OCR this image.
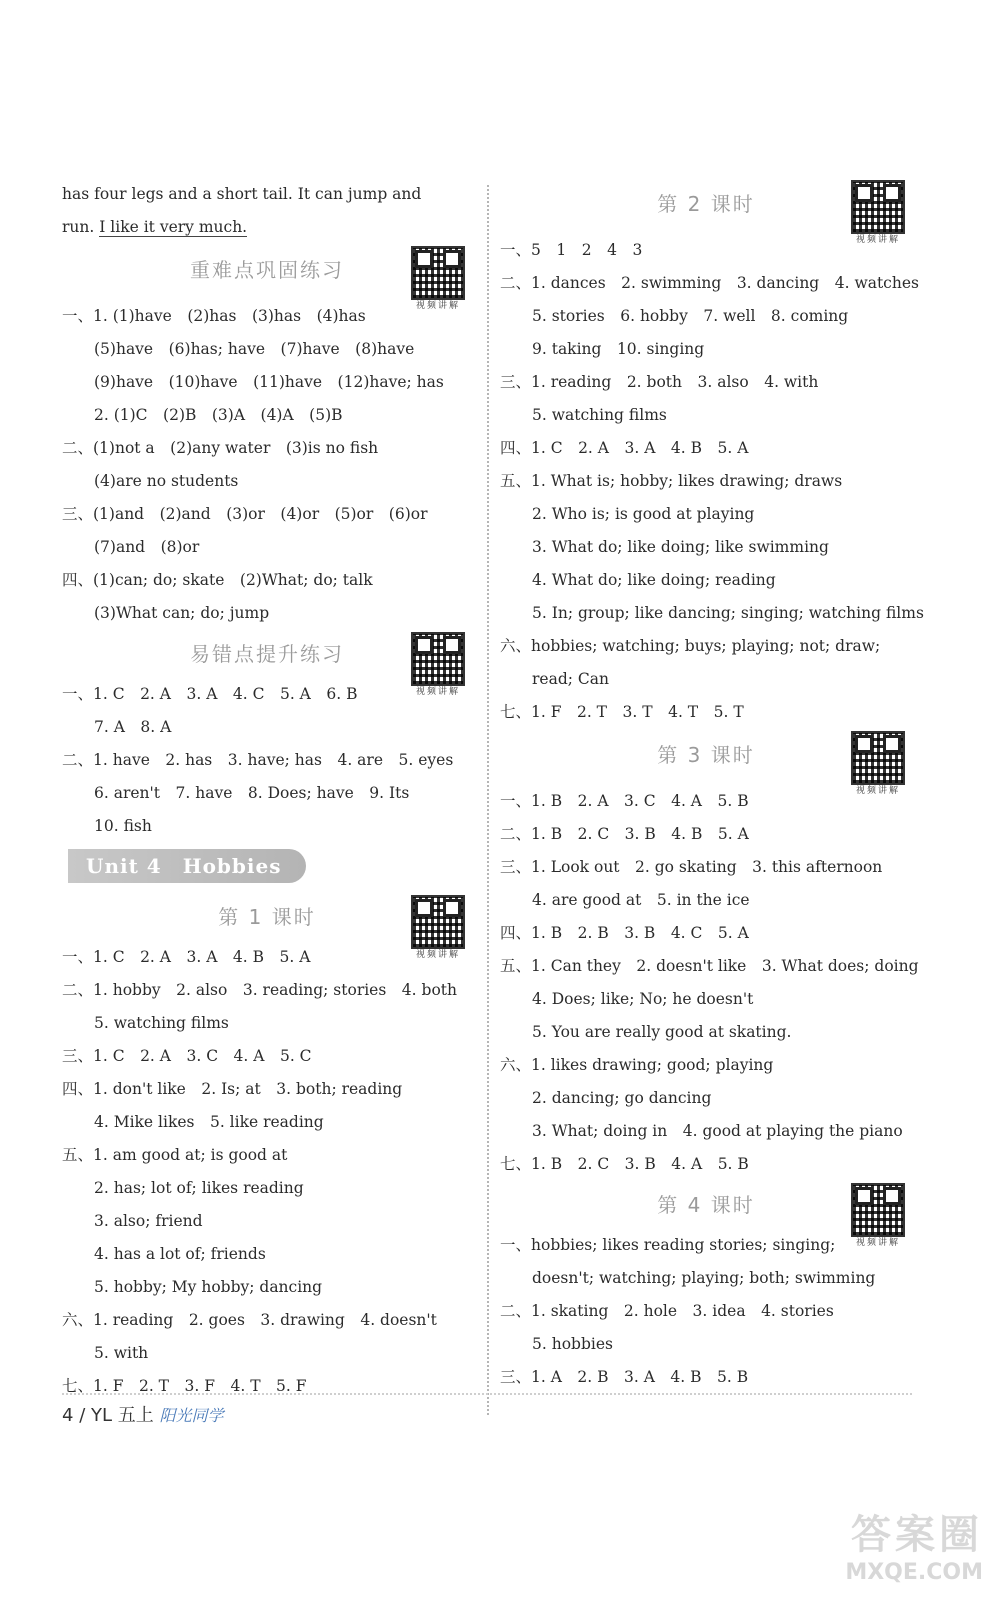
has four legs and a short tail. It can jump and
run. I like it very much.
重难点巩固练习
视频讲解
一、1. (1)have　(2)has　(3)has　(4)has
(5)have　(6)has; have　(7)have　(8)have
(9)have　(10)have　(11)have　(12)have; has
2. (1)C　(2)B　(3)A　(4)A　(5)B
二、(1)not a　(2)any water　(3)is no fish
(4)are no students
三、(1)and　(2)and　(3)or　(4)or　(5)or　(6)or
(7)and　(8)or
四、(1)can; do; skate　(2)What; do; talk
(3)What can; do; jump
易错点提升练习
视频讲解
一、1. C　2. A　3. A　4. C　5. A　6. B
7. A　8. A
二、1. have　2. has　3. have; has　4. are　5. eyes
6. aren't　7. have　8. Does; have　9. Its
10. fish
Unit 4　Hobbies
第 1 课时
视频讲解
一、1. C　2. A　3. A　4. B　5. A
二、1. hobby　2. also　3. reading; stories　4. both
5. watching films
三、1. C　2. A　3. C　4. A　5. C
四、1. don't like　2. Is; at　3. both; reading
4. Mike likes　5. like reading
五、1. am good at; is good at
2. has; lot of; likes reading
3. also; friend
4. has a lot of; friends
5. hobby; My hobby; dancing
六、1. reading　2. goes　3. drawing　4. doesn't
5. with
七、1. F　2. T　3. F　4. T　5. F
第 2 课时
视频讲解
一、5　1　2　4　3
二、1. dances　2. swimming　3. dancing　4. watches
5. stories　6. hobby　7. well　8. coming
9. taking　10. singing
三、1. reading　2. both　3. also　4. with
5. watching films
四、1. C　2. A　3. A　4. B　5. A
五、1. What is; hobby; likes drawing; draws
2. Who is; is good at playing
3. What do; like doing; like swimming
4. What do; like doing; reading
5. In; group; like dancing; singing; watching films
六、hobbies; watching; buys; playing; not; draw;
read; Can
七、1. F　2. T　3. T　4. T　5. T
第 3 课时
视频讲解
一、1. B　2. A　3. C　4. A　5. B
二、1. B　2. C　3. B　4. B　5. A
三、1. Look out　2. go skating　3. this afternoon
4. are good at　5. in the ice
四、1. B　2. B　3. B　4. C　5. A
五、1. Can they　2. doesn't like　3. What does; doing
4. Does; like; No; he doesn't
5. You are really good at skating.
六、1. likes drawing; good; playing
2. dancing; go dancing
3. What; doing in　4. good at playing the piano
七、1. B　2. C　3. B　4. A　5. B
第 4 课时
视频讲解
一、hobbies; likes reading stories; singing;
doesn't; watching; playing; both; swimming
二、1. skating　2. hole　3. idea　4. stories
5. hobbies
三、1. A　2. B　3. A　4. B　5. B
4 / YL 五上 阳光同学
答案圈
MXQE.COM
